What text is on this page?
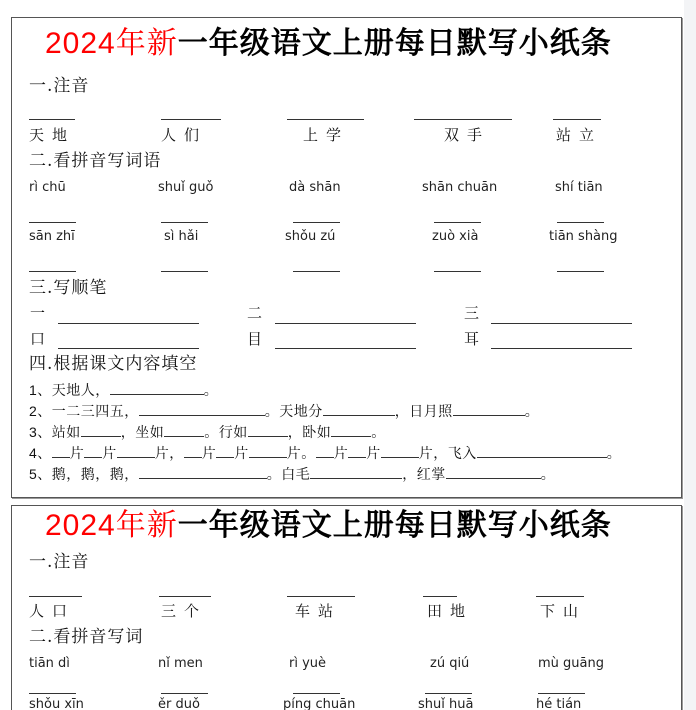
2024年新一年级语文上册每日默写小纸条
一.注音
天地	人们	上学	双手	站立
二.看拼音写词语
rì chū	shuǐ guǒ	dà shān	shān chuān	shí tiān
sān zhī	sì hǎi	shǒu zú	zuò xià	tiān shàng
三.写顺笔
一	二	三
口	目	耳
四.根据课文内容填空
1、天地人，	。
2、一二三四五，	。天地分	，日月照	。
3、站如	，坐如	。行如	，卧如	。
4、 片 片	片， 片 片	片。 片 片	片，飞入	。
5、鹅，鹅，鹅，	。白毛	，红掌	。
2024年新一年级语文上册每日默写小纸条
一.注音
人口	三个	车站	田地	下山
二.看拼音写词
tiān dì	nǐ men	rì yuè	zú qiú	mù guāng
shǒu xīn	ěr duǒ	píng chuān	shuǐ huā	hé tián
